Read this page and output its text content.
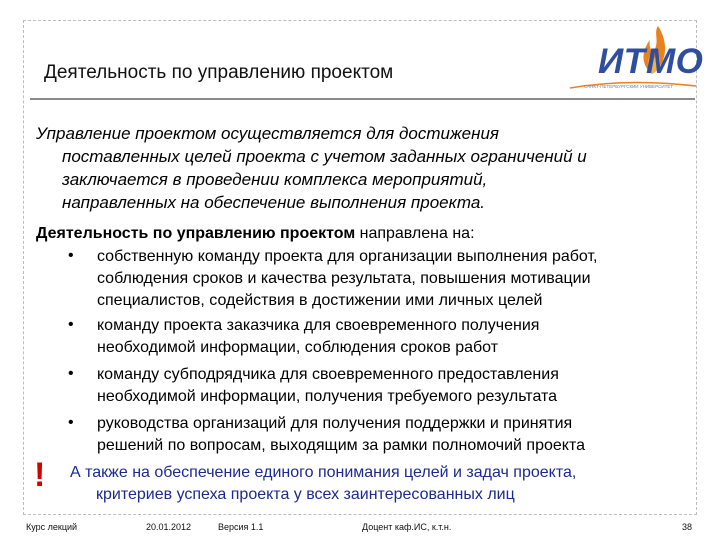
Деятельность по управлению проектом	ИТМО
САНКТ-ПЕТЕРБУРГСКИЙ УНИВЕРСИТЕТ
Управление проектом осуществляется для достижения
поставленных целей проекта с учетом заданных ограничений и
заключается в проведении комплекса мероприятий,
направленных на обеспечение выполнения проекта.
Деятельность по управлению проектом направлена на:
• собственную команду проекта для организации выполнения работ,
соблюдения сроков и качества результата, повышения мотивации
специалистов, содействия в достижении ими личных целей
• команду проекта заказчика для своевременного получения
необходимой информации, соблюдения сроков работ
• команду субподрядчика для своевременного предоставления
необходимой информации, получения требуемого результата
• руководства организаций для получения поддержки и принятия
решений по вопросам, выходящим за рамки полномочий проекта
! А также на обеспечение единого понимания целей и задач проекта,
критериев успеха проекта у всех заинтересованных лиц
Курс лекций	20.01.2012	Версия 1.1	Доцент каф.ИС, к.т.н.	38
